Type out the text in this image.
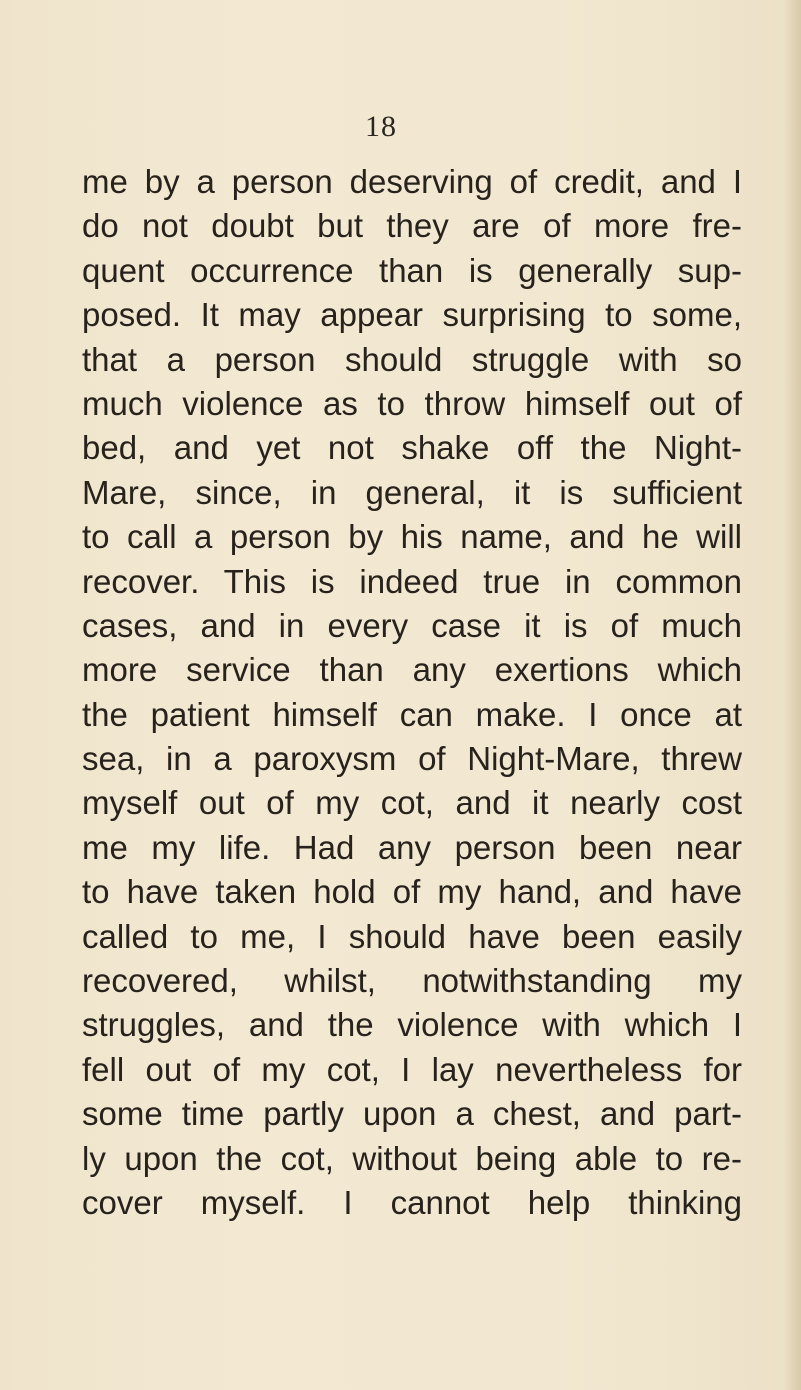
18
me by a person deserving of credit, and I
do not doubt but they are of more fre-
quent occurrence than is generally sup-
posed. It may appear surprising to some,
that a person should struggle with so
much violence as to throw himself out of
bed, and yet not shake off the Night-
Mare, since, in general, it is sufficient
to call a person by his name, and he will
recover. This is indeed true in common
cases, and in every case it is of much
more service than any exertions which
the patient himself can make. I once at
sea, in a paroxysm of Night-Mare, threw
myself out of my cot, and it nearly cost
me my life. Had any person been near
to have taken hold of my hand, and have
called to me, I should have been easily
recovered, whilst, notwithstanding my
struggles, and the violence with which I
fell out of my cot, I lay nevertheless for
some time partly upon a chest, and part-
ly upon the cot, without being able to re-
cover myself. I cannot help thinking
